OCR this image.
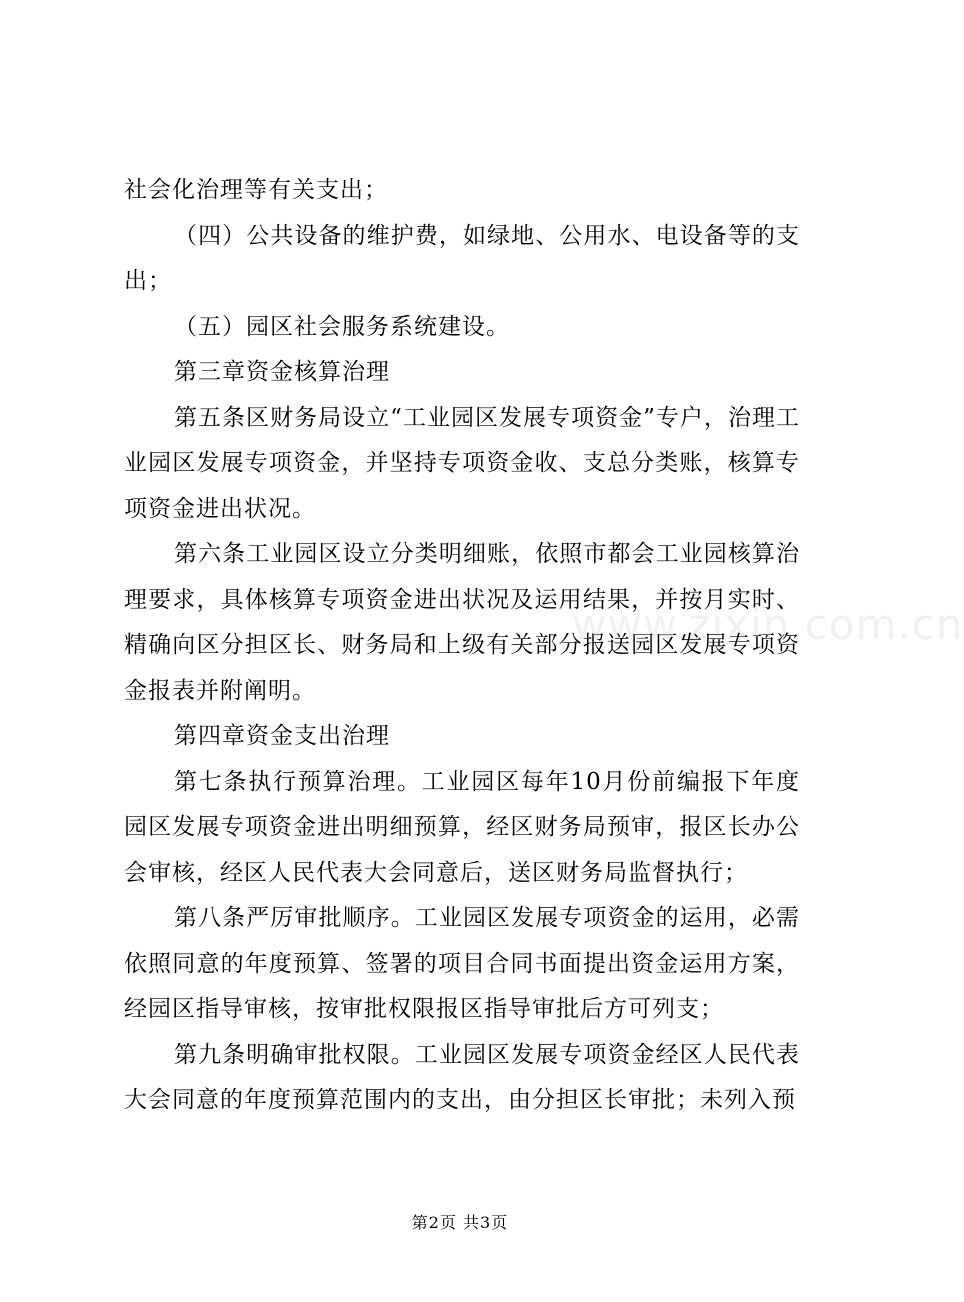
社会化治理等有关支出；

（四）公共设备的维护费，如绿地、公用水、电设备等的支出；

（五）园区社会服务系统建设。

第三章资金核算治理

第五条区财务局设立“工业园区发展专项资金”专户，治理工业园区发展专项资金，并坚持专项资金收、支总分类账，核算专项资金进出状况。

第六条工业园区设立分类明细账，依照市都会工业园核算治理要求，具体核算专项资金进出状况及运用结果，并按月实时、精确向区分担区长、财务局和上级有关部分报送园区发展专项资金报表并附阐明。

第四章资金支出治理

第七条执行预算治理。工业园区每年10月份前编报下年度园区发展专项资金进出明细预算，经区财务局预审，报区长办公会审核，经区人民代表大会同意后，送区财务局监督执行；

第八条严厉审批顺序。工业园区发展专项资金的运用，必需依照同意的年度预算、签署的项目合同书面提出资金运用方案，经园区指导审核，按审批权限报区指导审批后方可列支；

第九条明确审批权限。工业园区发展专项资金经区人民代表大会同意的年度预算范围内的支出，由分担区长审批；未列入预

www.zixin.com.cn
第2页 共3页
